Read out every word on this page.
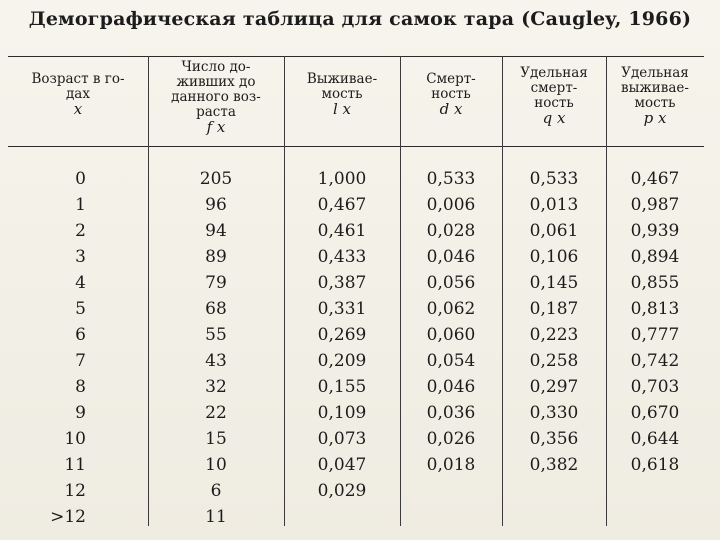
Демографическая таблица для самок тара (Caugley, 1966)
Возраст в го-
дах
x
Число до-
живших до
данного воз-
раста
f x
Выживае-
мость
l x
Смерт-
ность
d x
Удельная
смерт-
ность
q x
Удельная
выживае-
мость
p x
0
1
2
3
4
5
6
7
8
9
10
11
12
>12
205
96
94
89
79
68
55
43
32
22
15
10
6
11
1,000
0,467
0,461
0,433
0,387
0,331
0,269
0,209
0,155
0,109
0,073
0,047
0,029
0,533
0,006
0,028
0,046
0,056
0,062
0,060
0,054
0,046
0,036
0,026
0,018
0,533
0,013
0,061
0,106
0,145
0,187
0,223
0,258
0,297
0,330
0,356
0,382
0,467
0,987
0,939
0,894
0,855
0,813
0,777
0,742
0,703
0,670
0,644
0,618
